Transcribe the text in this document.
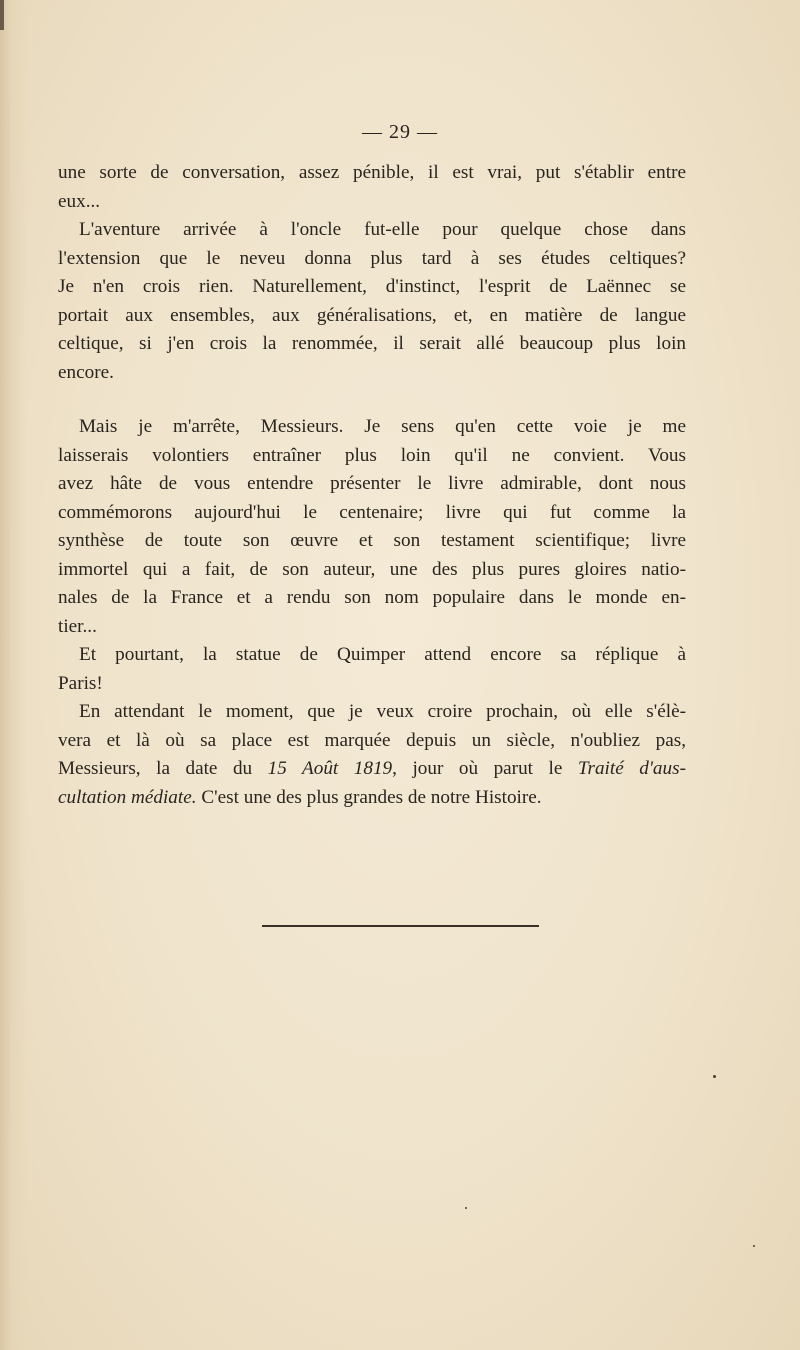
— 29 —
une sorte de conversation, assez pénible, il est vrai, put s'établir entre
eux...
L'aventure arrivée à l'oncle fut-elle pour quelque chose dans
l'extension que le neveu donna plus tard à ses études celtiques?
Je n'en crois rien. Naturellement, d'instinct, l'esprit de Laënnec se
portait aux ensembles, aux généralisations, et, en matière de langue
celtique, si j'en crois la renommée, il serait allé beaucoup plus loin
encore.
Mais je m'arrête, Messieurs. Je sens qu'en cette voie je me
laisserais volontiers entraîner plus loin qu'il ne convient. Vous
avez hâte de vous entendre présenter le livre admirable, dont nous
commémorons aujourd'hui le centenaire; livre qui fut comme la
synthèse de toute son œuvre et son testament scientifique; livre
immortel qui a fait, de son auteur, une des plus pures gloires natio-
nales de la France et a rendu son nom populaire dans le monde en-
tier...
Et pourtant, la statue de Quimper attend encore sa réplique à
Paris!
En attendant le moment, que je veux croire prochain, où elle s'élè-
vera et là où sa place est marquée depuis un siècle, n'oubliez pas,
Messieurs, la date du 15 Août 1819, jour où parut le Traité d'aus-
cultation médiate. C'est une des plus grandes de notre Histoire.
